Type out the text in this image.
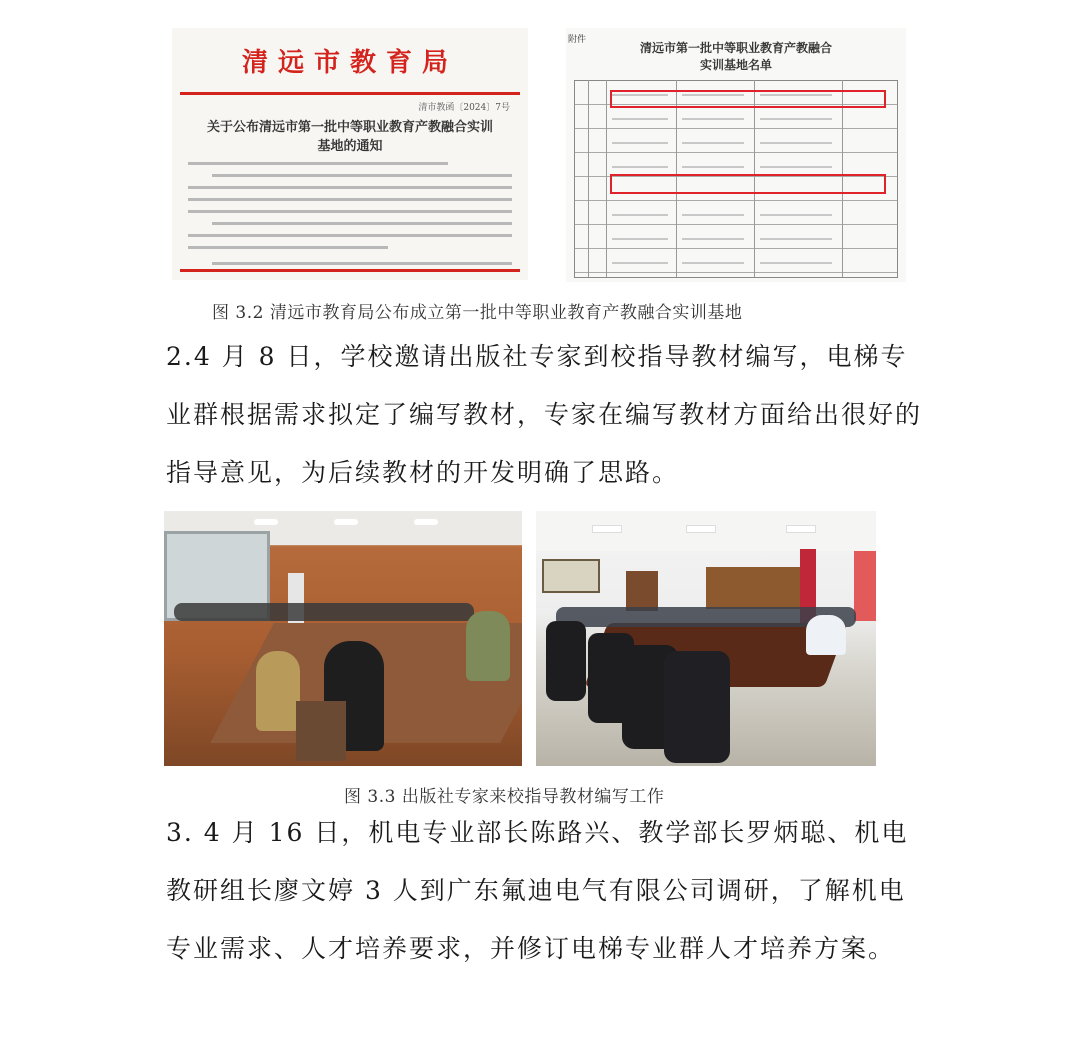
清远市教育局
清市教函〔2024〕7号
关于公布清远市第一批中等职业教育产教融合实训基地的通知
附件
清远市第一批中等职业教育产教融合实训基地名单
图 3.2 清远市教育局公布成立第一批中等职业教育产教融合实训基地
2.4 月 8 日，学校邀请出版社专家到校指导教材编写，电梯专业群根据需求拟定了编写教材，专家在编写教材方面给出很好的指导意见，为后续教材的开发明确了思路。
图 3.3 出版社专家来校指导教材编写工作
3. 4 月 16 日，机电专业部长陈路兴、教学部长罗炳聪、机电教研组长廖文婷 3 人到广东氟迪电气有限公司调研，了解机电专业需求、人才培养要求，并修订电梯专业群人才培养方案。
